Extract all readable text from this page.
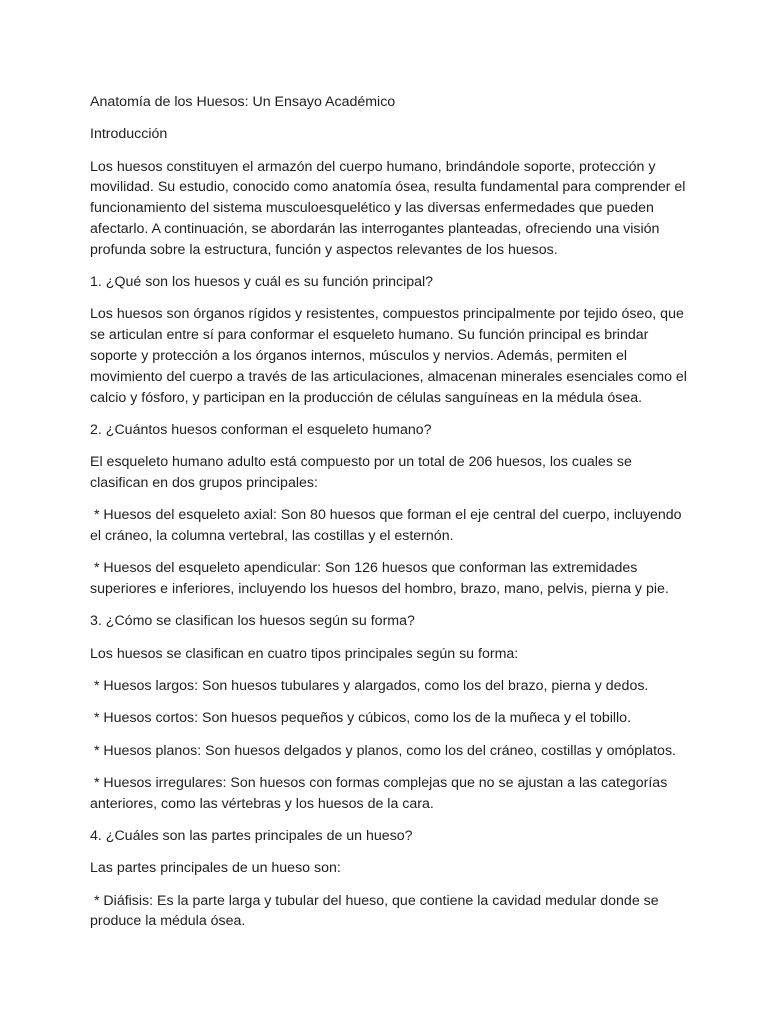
Anatomía de los Huesos: Un Ensayo Académico

Introducción

Los huesos constituyen el armazón del cuerpo humano, brindándole soporte, protección y movilidad. Su estudio, conocido como anatomía ósea, resulta fundamental para comprender el funcionamiento del sistema musculoesquelético y las diversas enfermedades que pueden afectarlo. A continuación, se abordarán las interrogantes planteadas, ofreciendo una visión profunda sobre la estructura, función y aspectos relevantes de los huesos.

1. ¿Qué son los huesos y cuál es su función principal?

Los huesos son órganos rígidos y resistentes, compuestos principalmente por tejido óseo, que se articulan entre sí para conformar el esqueleto humano. Su función principal es brindar soporte y protección a los órganos internos, músculos y nervios. Además, permiten el movimiento del cuerpo a través de las articulaciones, almacenan minerales esenciales como el calcio y fósforo, y participan en la producción de células sanguíneas en la médula ósea.

2. ¿Cuántos huesos conforman el esqueleto humano?

El esqueleto humano adulto está compuesto por un total de 206 huesos, los cuales se clasifican en dos grupos principales:

* Huesos del esqueleto axial: Son 80 huesos que forman el eje central del cuerpo, incluyendo el cráneo, la columna vertebral, las costillas y el esternón.

* Huesos del esqueleto apendicular: Son 126 huesos que conforman las extremidades superiores e inferiores, incluyendo los huesos del hombro, brazo, mano, pelvis, pierna y pie.

3. ¿Cómo se clasifican los huesos según su forma?

Los huesos se clasifican en cuatro tipos principales según su forma:

* Huesos largos: Son huesos tubulares y alargados, como los del brazo, pierna y dedos.

* Huesos cortos: Son huesos pequeños y cúbicos, como los de la muñeca y el tobillo.

* Huesos planos: Son huesos delgados y planos, como los del cráneo, costillas y omóplatos.

* Huesos irregulares: Son huesos con formas complejas que no se ajustan a las categorías anteriores, como las vértebras y los huesos de la cara.

4. ¿Cuáles son las partes principales de un hueso?

Las partes principales de un hueso son:

* Diáfisis: Es la parte larga y tubular del hueso, que contiene la cavidad medular donde se produce la médula ósea.
